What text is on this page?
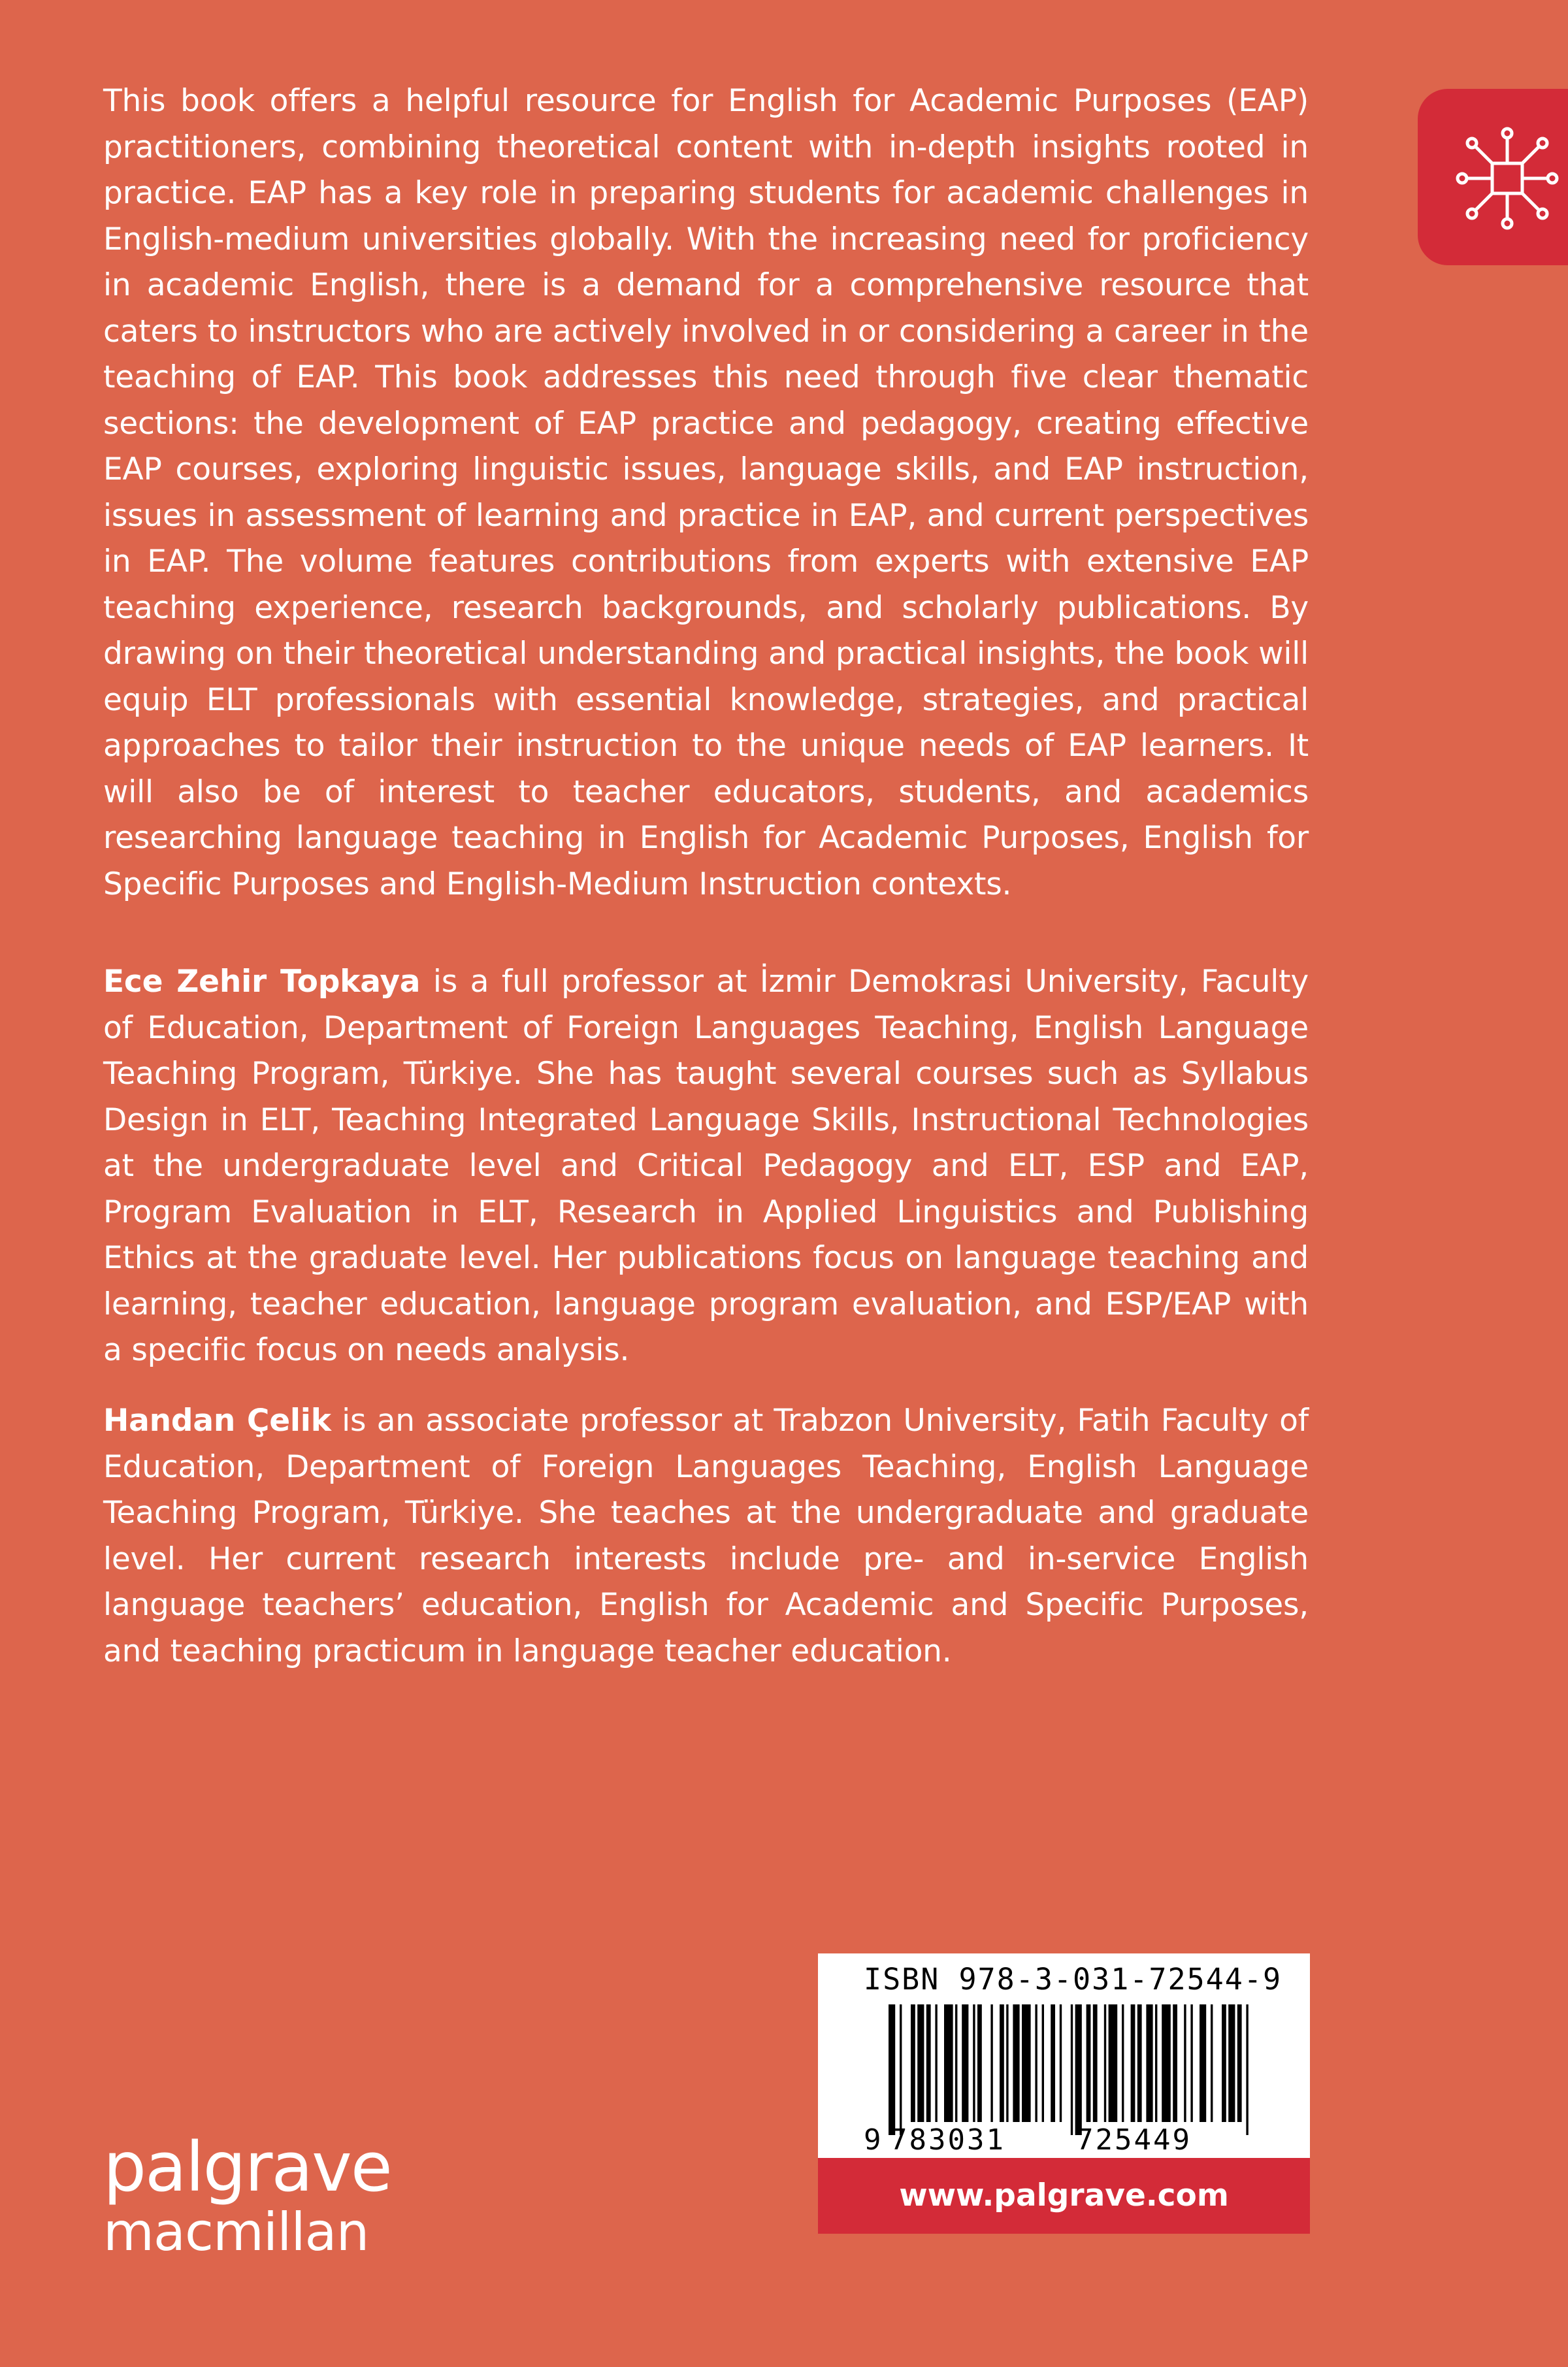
This book offers a helpful resource for English for Academic Purposes (EAP) practitioners, combining theoretical content with in-depth insights rooted in practice. EAP has a key role in preparing students for academic challenges in English-medium universities globally. With the increasing need for proficiency in academic English, there is a demand for a comprehensive resource that caters to instructors who are actively involved in or considering a career in the teaching of EAP. This book addresses this need through five clear thematic sections: the development of EAP practice and pedagogy, creating effective EAP courses, exploring linguistic issues, language skills, and EAP instruction, issues in assessment of learning and practice in EAP, and current perspectives in EAP. The volume features contributions from experts with extensive EAP teaching experience, research backgrounds, and scholarly publications. By drawing on their theoretical understanding and practical insights, the book will equip ELT professionals with essential knowledge, strategies, and practical approaches to tailor their instruction to the unique needs of EAP learners. It will also be of interest to teacher educators, students, and academics researching language teaching in English for Academic Purposes, English for Specific Purposes and English-Medium Instruction contexts.

Ece Zehir Topkaya is a full professor at İzmir Demokrasi University, Faculty of Education, Department of Foreign Languages Teaching, English Language Teaching Program, Türkiye. She has taught several courses such as Syllabus Design in ELT, Teaching Integrated Language Skills, Instructional Technologies at the undergraduate level and Critical Pedagogy and ELT, ESP and EAP, Program Evaluation in ELT, Research in Applied Linguistics and Publishing Ethics at the graduate level. Her publications focus on language teaching and learning, teacher education, language program evaluation, and ESP/EAP with a specific focus on needs analysis.

Handan Çelik is an associate professor at Trabzon University, Fatih Faculty of Education, Department of Foreign Languages Teaching, English Language Teaching Program, Türkiye. She teaches at the undergraduate and graduate level. Her current research interests include pre- and in-service English language teachers’ education, English for Academic and Specific Purposes, and teaching practicum in language teacher education.

palgrave
macmillan
ISBN 978-3-031-72544-9
9 783031 725449
www.palgrave.com
